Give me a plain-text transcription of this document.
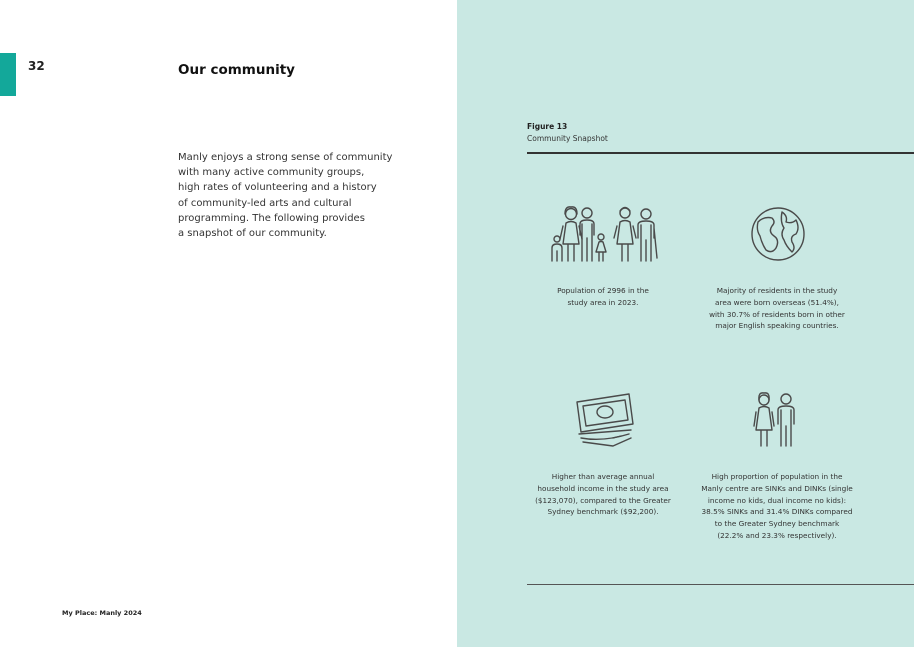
32	Our community
Manly enjoys a strong sense of community
with many active community groups,
high rates of volunteering and a history
of community-led arts and cultural
programming. The following provides
a snapshot of our community.
My Place: Manly 2024
Figure 13
Community Snapshot
Population of 2996 in the
study area in 2023.
Majority of residents in the study
area were born overseas (51.4%),
with 30.7% of residents born in other
major English speaking countries.
Higher than average annual
household income in the study area
($123,070), compared to the Greater
Sydney benchmark ($92,200).
High proportion of population in the
Manly centre are SINKs and DINKs (single
income no kids, dual income no kids):
38.5% SINKs and 31.4% DINKs compared
to the Greater Sydney benchmark
(22.2% and 23.3% respectively).
